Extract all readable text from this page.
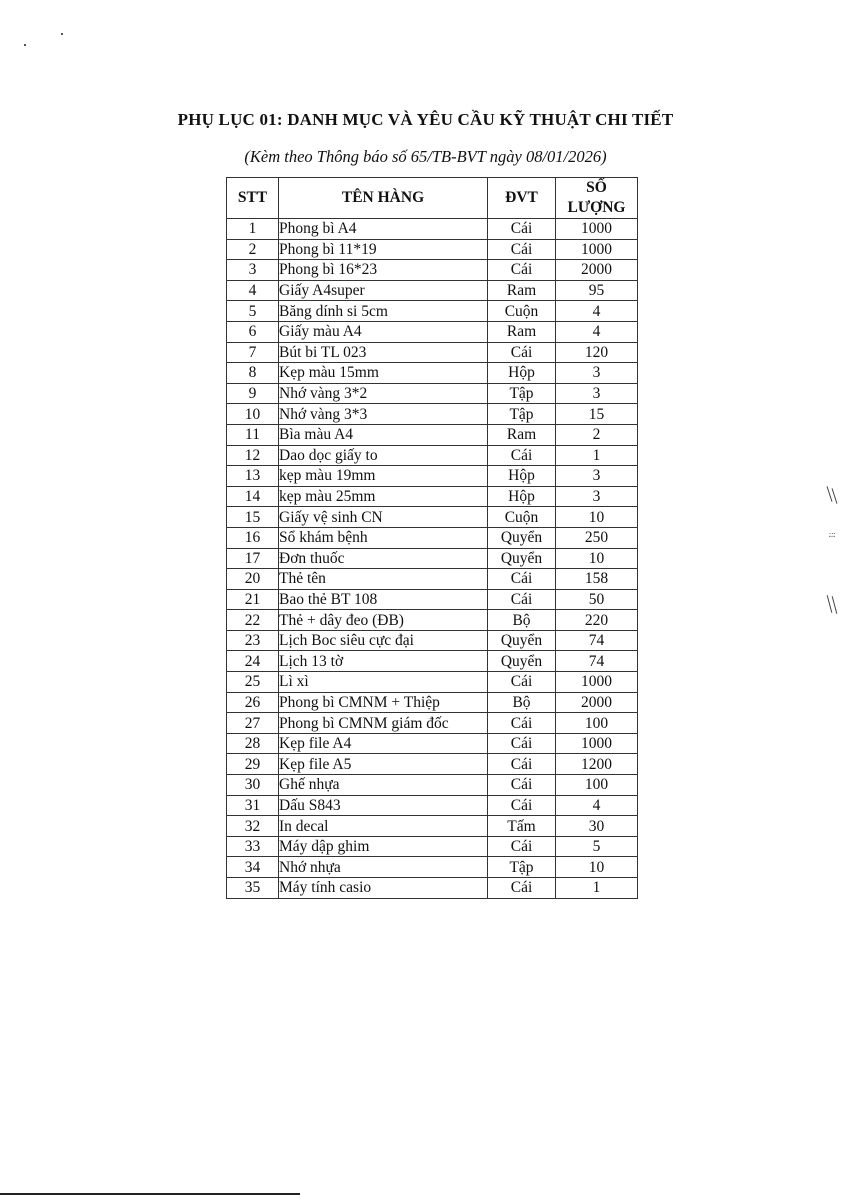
PHỤ LỤC 01: DANH MỤC VÀ YÊU CẦU KỸ THUẬT CHI TIẾT
(Kèm theo Thông báo số 65/TB-BVT ngày 08/01/2026)
STT	TÊN HÀNG	ĐVT	SỐ
LƯỢNG
1	Phong bì A4	Cái	1000
2	Phong bì 11*19	Cái	1000
3	Phong bì 16*23	Cái	2000
4	Giấy A4super	Ram	95
5	Băng dính si 5cm	Cuộn	4
6	Giấy màu A4	Ram	4
7	Bút bi TL 023	Cái	120
8	Kẹp màu 15mm	Hộp	3
9	Nhớ vàng 3*2	Tập	3
10	Nhớ vàng 3*3	Tập	15
11	Bìa màu A4	Ram	2
12	Dao dọc giấy to	Cái	1
13	kẹp màu 19mm	Hộp	3
14	kẹp màu 25mm	Hộp	3
15	Giấy vệ sinh CN	Cuộn	10
16	Sổ khám bệnh	Quyển	250
17	Đơn thuốc	Quyển	10
20	Thẻ tên	Cái	158
21	Bao thẻ BT 108	Cái	50
22	Thẻ + dây đeo (ĐB)	Bộ	220
23	Lịch Boc siêu cực đại	Quyển	74
24	Lịch 13 tờ	Quyển	74
25	Lì xì	Cái	1000
26	Phong bì CMNM + Thiệp	Bộ	2000
27	Phong bì CMNM giám đốc	Cái	100
28	Kẹp file A4	Cái	1000
29	Kẹp file A5	Cái	1200
30	Ghế nhựa	Cái	100
31	Dấu S843	Cái	4
32	In decal	Tấm	30
33	Máy dập ghim	Cái	5
34	Nhớ nhựa	Tập	10
35	Máy tính casio	Cái	1
⁝⁞
